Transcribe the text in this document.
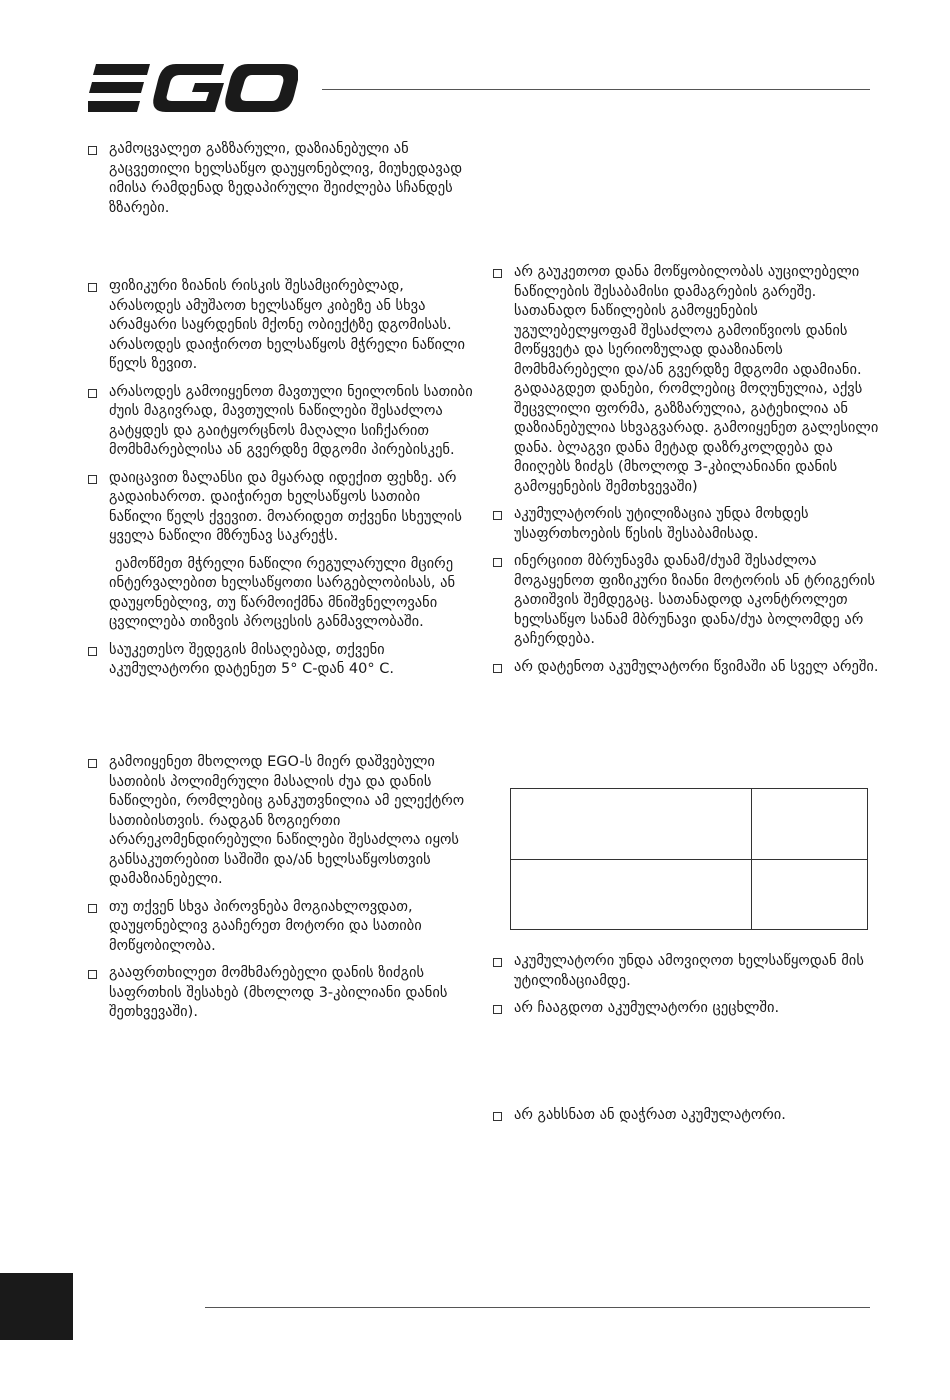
გამოცვალეთ გაზზარული, დაზიანებული ან გაცვეთილი ხელსაწყო დაუყონებლივ, მიუხედავად იმისა რამდენად ზედაპირული შეიძლება სჩანდეს ზზარები.
ფიზიკური ზიანის რისკის შესამცირებლად, არასოდეს ამუშაოთ ხელსაწყო კიბეზე ან სხვა არამყარი საყრდენის მქონე ობიექტზე დგომისას. არასოდეს დაიჭიროთ ხელსაწყოს მჭრელი ნაწილი წელს ზევით.
არასოდეს გამოიყენოთ მავთული ნეილონის სათიბი ძუის მაგივრად, მავთულის ნაწილები შესაძლოა გატყდეს და გაიტყორცნოს მაღალი სიჩქარით მომხმარებლისა ან გვერდზე მდგომი პირებისკენ.
დაიცავით ზალანსი და მყარად იდექით ფეხზე. არ გადაიხაროთ. დაიჭირეთ ხელსაწყოს სათიბი ნაწილი წელს ქვევით. მოარიდეთ თქვენი სხეულის ყველა ნაწილი მზრუნავ საკრეჭს.
ეამოწმეთ მჭრელი ნაწილი რეგულარული მცირე ინტერვალებით ხელსაწყოთი სარგებლობისას, ან დაუყონებლივ, თუ წარმოიქმნა მნიშვნელოვანი ცვლილება თიზვის პროცესის განმავლობაში.
საუკეთესო შედეგის მისაღებად, თქვენი აკუმულატორი დატენეთ 5° C-დან 40° C.
გამოიყენეთ მხოლოდ EGO-ს მიერ დაშვებული სათიბის პოლიმერული მასალის ძუა და დანის ნაწილები, რომლებიც განკუთვნილია ამ ელექტრო სათიბისთვის. რადგან ზოგიერთი არარეკომენდირებული ნაწილები შესაძლოა იყოს განსაკუთრებით საშიში და/ან ხელსაწყოსთვის დამაზიანებელი.
თუ თქვენ სხვა პიროვნება მოგიახლოვდათ, დაუყონებლივ გააჩერეთ მოტორი და სათიბი მოწყობილობა.
გააფრთხილეთ მომხმარებელი დანის ზიძგის საფრთხის შესახებ (მხოლოდ 3-კბილიანი დანის შეთხვევაში).
არ გაუკეთოთ დანა მოწყობილობას აუცილებელი ნაწილების შესაბამისი დამაგრების გარეშე. სათანადო ნაწილების გამოყენების უგულებელყოფამ შესაძლოა გამოიწვიოს დანის მოწყვეტა და სერიოზულად დააზიანოს მომხმარებელი და/ან გვერდზე მდგომი ადამიანი. გადააგდეთ დანები, რომლებიც მოღუნულია, აქვს შეცვლილი ფორმა, გაზზარულია, გატეხილია ან დაზიანებულია სხვაგვარად. გამოიყენეთ გალესილი დანა. ბლაგვი დანა მეტად დაზრკოლდება და მიიღებს ზიძგს (მხოლოდ 3-კბილანიანი დანის გამოყენების შემთხვევაში)
აკუმულატორის უტილიზაცია უნდა მოხდეს უსაფრთხოების წესის შესაბამისად.
ინერციით მბრუნავმა დანამ/ძუამ შესაძლოა მოგაყენოთ ფიზიკური ზიანი მოტორის ან ტრიგერის გათიშვის შემდეგაც. სათანადოდ აკონტროლეთ ხელსაწყო სანამ მბრუნავი დანა/ძუა ბოლომდე არ გაჩერდება.
არ დატენოთ აკუმულატორი წვიმაში ან სველ არეში.
აკუმულატორი უნდა ამოვიღოთ ხელსაწყოდან მის უტილიზაციამდე.
არ ჩააგდოთ აკუმულატორი ცეცხლში.
არ გახსნათ ან დაჭრათ აკუმულატორი.
